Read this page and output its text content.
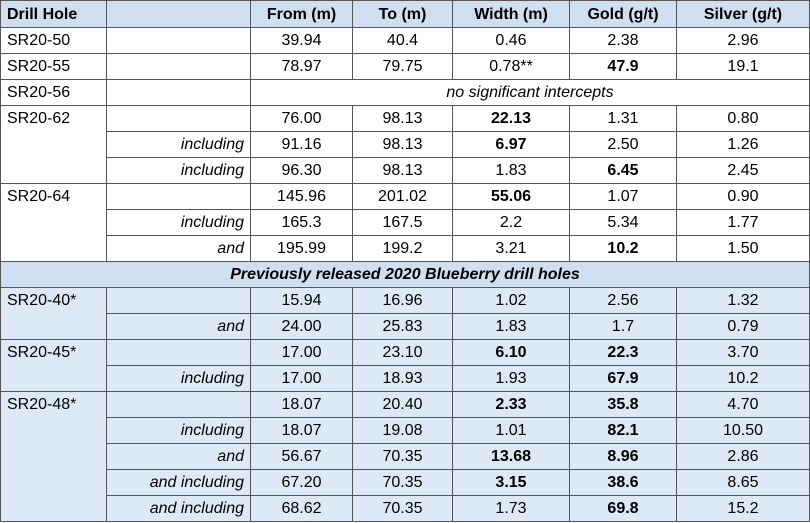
Drill Hole		From (m)	To (m)	Width (m)	Gold (g/t)	Silver (g/t)
SR20-50		39.94	40.4	0.46	2.38	2.96
SR20-55		78.97	79.75	0.78**	47.9	19.1
SR20-56		no significant intercepts				
SR20-62		76.00	98.13	22.13	1.31	0.80
	including	91.16	98.13	6.97	2.50	1.26
	including	96.30	98.13	1.83	6.45	2.45
SR20-64		145.96	201.02	55.06	1.07	0.90
	including	165.3	167.5	2.2	5.34	1.77
	and	195.99	199.2	3.21	10.2	1.50
Previously released 2020 Blueberry drill holes						
SR20-40*		15.94	16.96	1.02	2.56	1.32
	and	24.00	25.83	1.83	1.7	0.79
SR20-45*		17.00	23.10	6.10	22.3	3.70
	including	17.00	18.93	1.93	67.9	10.2
SR20-48*		18.07	20.40	2.33	35.8	4.70
	including	18.07	19.08	1.01	82.1	10.50
	and	56.67	70.35	13.68	8.96	2.86
	and including	67.20	70.35	3.15	38.6	8.65
	and including	68.62	70.35	1.73	69.8	15.2
